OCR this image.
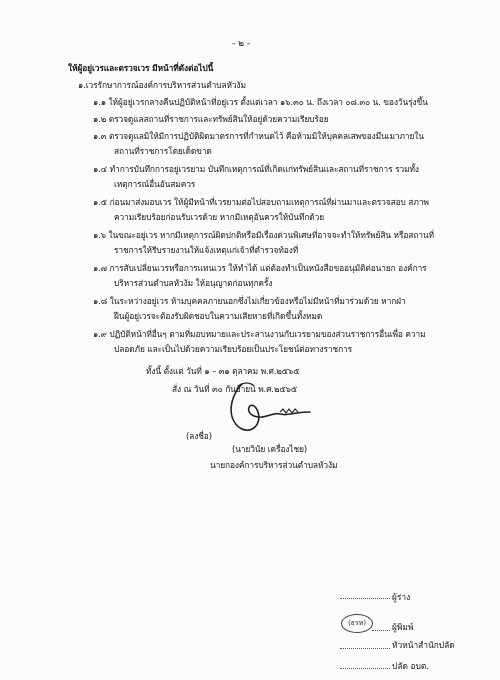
- ๒ -
ให้ผู้อยู่เวรและตรวจเวร มีหน้าที่ดังต่อไปนี้
๑.เวรรักษาการณ์องค์การบริหารส่วนตำบลหัวงัม
๑.๑ ให้ผู้อยู่เวรกลางคืนปฏิบัติหน้าที่อยู่เวร ตั้งแต่เวลา ๑๖.๓๐ น. ถึงเวลา ๐๘.๓๐ น. ของวันรุ่งขึ้น
๑.๒ ตรวจดูแลสถานที่ราชการและทรัพย์สินให้อยู่ด้วยความเรียบร้อย
๑.๓ ตรวจดูแลมิให้มีการปฏิบัติผิดมาตรการที่กำหนดไว้ คือห้ามมิให้บุคคลเสพของมึนเมาภายใน
สถานที่ราชการโดยเด็ดขาด
๑.๔ ทำการบันทึกการอยู่เวรยาม บันทึกเหตุการณ์ที่เกิดแก่ทรัพย์สินและสถานที่ราชการ รวมทั้ง
เหตุการณ์อื่นอันสมควร
๑.๕ ก่อนมาส่งมอบเวร ให้ผู้มีหน้าที่เวรยามต่อไปสอบถามเหตุการณ์ที่ผ่านมาและตรวจสอบ สภาพ
ความเรียบร้อยก่อนรับเวรด้วย หากมีเหตุอันควรให้บันทึกด้วย
๑.๖ ในขณะอยู่เวร หากมีเหตุการณ์ผิดปกติหรือมีเรื่องด่วนพิเศษที่อาจจะทำให้ทรัพย์สิน หรือสถานที่
ราชการให้รีบรายงานให้แจ้งเหตุแก่เจ้าที่ตำรวจท้องที่
๑.๗ การสับเปลี่ยนเวรหรือการแทนเวร ให้ทำได้ แต่ต้องทำเป็นหนังสือขออนุมัติต่อนายก องค์การ
บริหารส่วนตำบลหัวงัม ให้อนุญาตก่อนทุกครั้ง
๑.๘ ในระหว่างอยู่เวร ห้ามบุคคลภายนอกซึ่งไม่เกี่ยวข้องหรือไม่มีหน้าที่มาร่วมด้วย หากฝ่า
ฝืนผู้อยู่เวรจะต้องรับผิดชอบในความเสียหายที่เกิดขึ้นทั้งหมด
๑.๙ ปฏิบัติหน้าที่อื่นๆ ตามที่มอบหมายและประสานงานกับเวรยามของส่วนราชการอื่นเพื่อ ความ
ปลอดภัย และเป็นไปด้วยความเรียบร้อยเป็นประโยชน์ต่อทางราชการ
ทั้งนี้ ตั้งแต่ วันที่ ๑ – ๓๑ ตุลาคม พ.ศ.๒๕๖๕
สั่ง ณ วันที่ ๓๐ กันยายน พ.ศ.๒๕๖๕
(ลงชื่อ)
(นายวินัย เครื่องไชย)
นายกองค์การบริหารส่วนตำบลหัวงัม
ผู้ร่าง
(ธรท)	ผู้พิมพ์
หัวหน้าสำนักปลัด
ปลัด อบต.
